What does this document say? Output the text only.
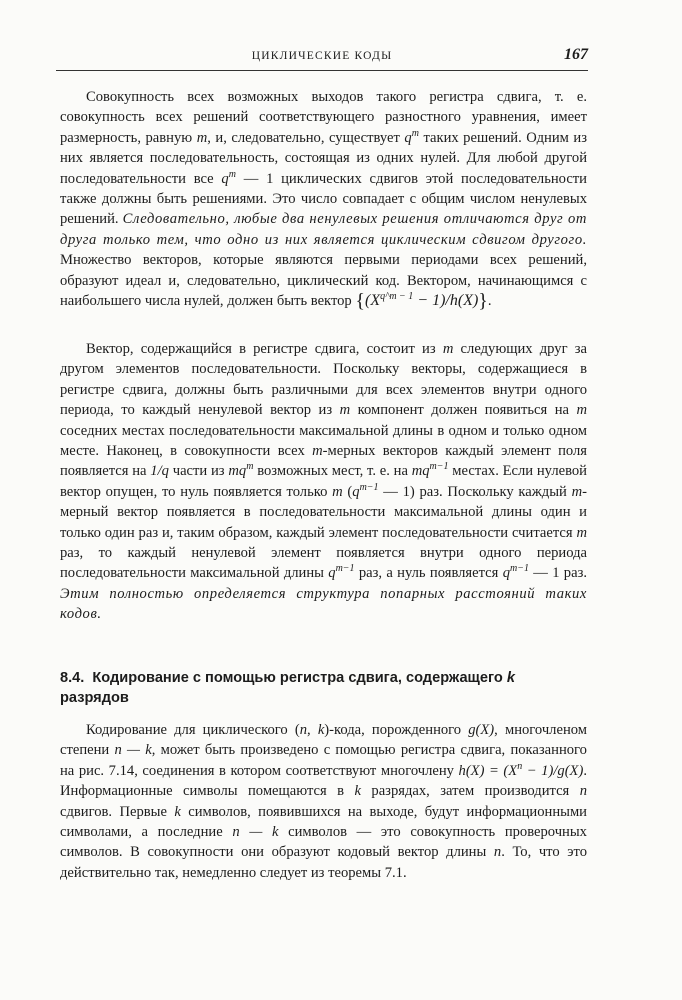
ЦИКЛИЧЕСКИЕ КОДЫ	167

Совокупность всех возможных выходов такого регистра сдвига, т. е. совокупность всех решений соответствующего разностного уравнения, имеет размерность, равную m, и, следовательно, существует $q^m$ таких решений. Одним из них является последовательность, состоящая из одних нулей. Для любой другой последовательности все $q^m$ — 1 циклических сдвигов этой последовательности также должны быть решениями. Это число совпадает с общим числом ненулевых решений. Следовательно, любые два ненулевых решения отличаются друг от друга только тем, что одно из них является циклическим сдвигом другого. Множество векторов, которые являются первыми периодами всех решений, образуют идеал и, следовательно, циклический код. Вектором, начинающимся с наибольшего числа нулей, должен быть вектор $\{(X^{q\^{}m - 1} - 1)/h(X)\}$.

Вектор, содержащийся в регистре сдвига, состоит из m следующих друг за другом элементов последовательности. Поскольку векторы, содержащиеся в регистре сдвига, должны быть различными для всех элементов внутри одного периода, то каждый ненулевой вектор из m компонент должен появиться на m соседних местах последовательности максимальной длины в одном и только одном месте. Наконец, в совокупности всех m-мерных векторов каждый элемент поля появляется на 1/q части из $mq^m$ возможных мест, т. е. на $mq^{m-1}$ местах. Если нулевой вектор опущен, то нуль появляется только m ($q^{m-1}$ — 1) раз. Поскольку каждый m-мерный вектор появляется в последовательности максимальной длины один и только один раз и, таким образом, каждый элемент последовательности считается m раз, то каждый ненулевой элемент появляется внутри одного периода последовательности максимальной длины $q^{m-1}$ раз, а нуль появляется $q^{m-1}$ — 1 раз. Этим полностью определяется структура попарных расстояний таких кодов.

8.4. Кодирование с помощью регистра сдвига, содержащего k
разрядов

Кодирование для циклического (n, k)-кода, порожденного g(X), многочленом степени n — k, может быть произведено с помощью регистра сдвига, показанного на рис. 7.14, соединения в котором соответствуют многочлену $h(X) = (X^n - 1)/g(X)$. Информационные символы помещаются в k разрядах, затем производится n сдвигов. Первые k символов, появившихся на выходе, будут информационными символами, а последние n — k символов — это совокупность проверочных символов. В совокупности они образуют кодовый вектор длины n. То, что это действительно так, немедленно следует из теоремы 7.1.
